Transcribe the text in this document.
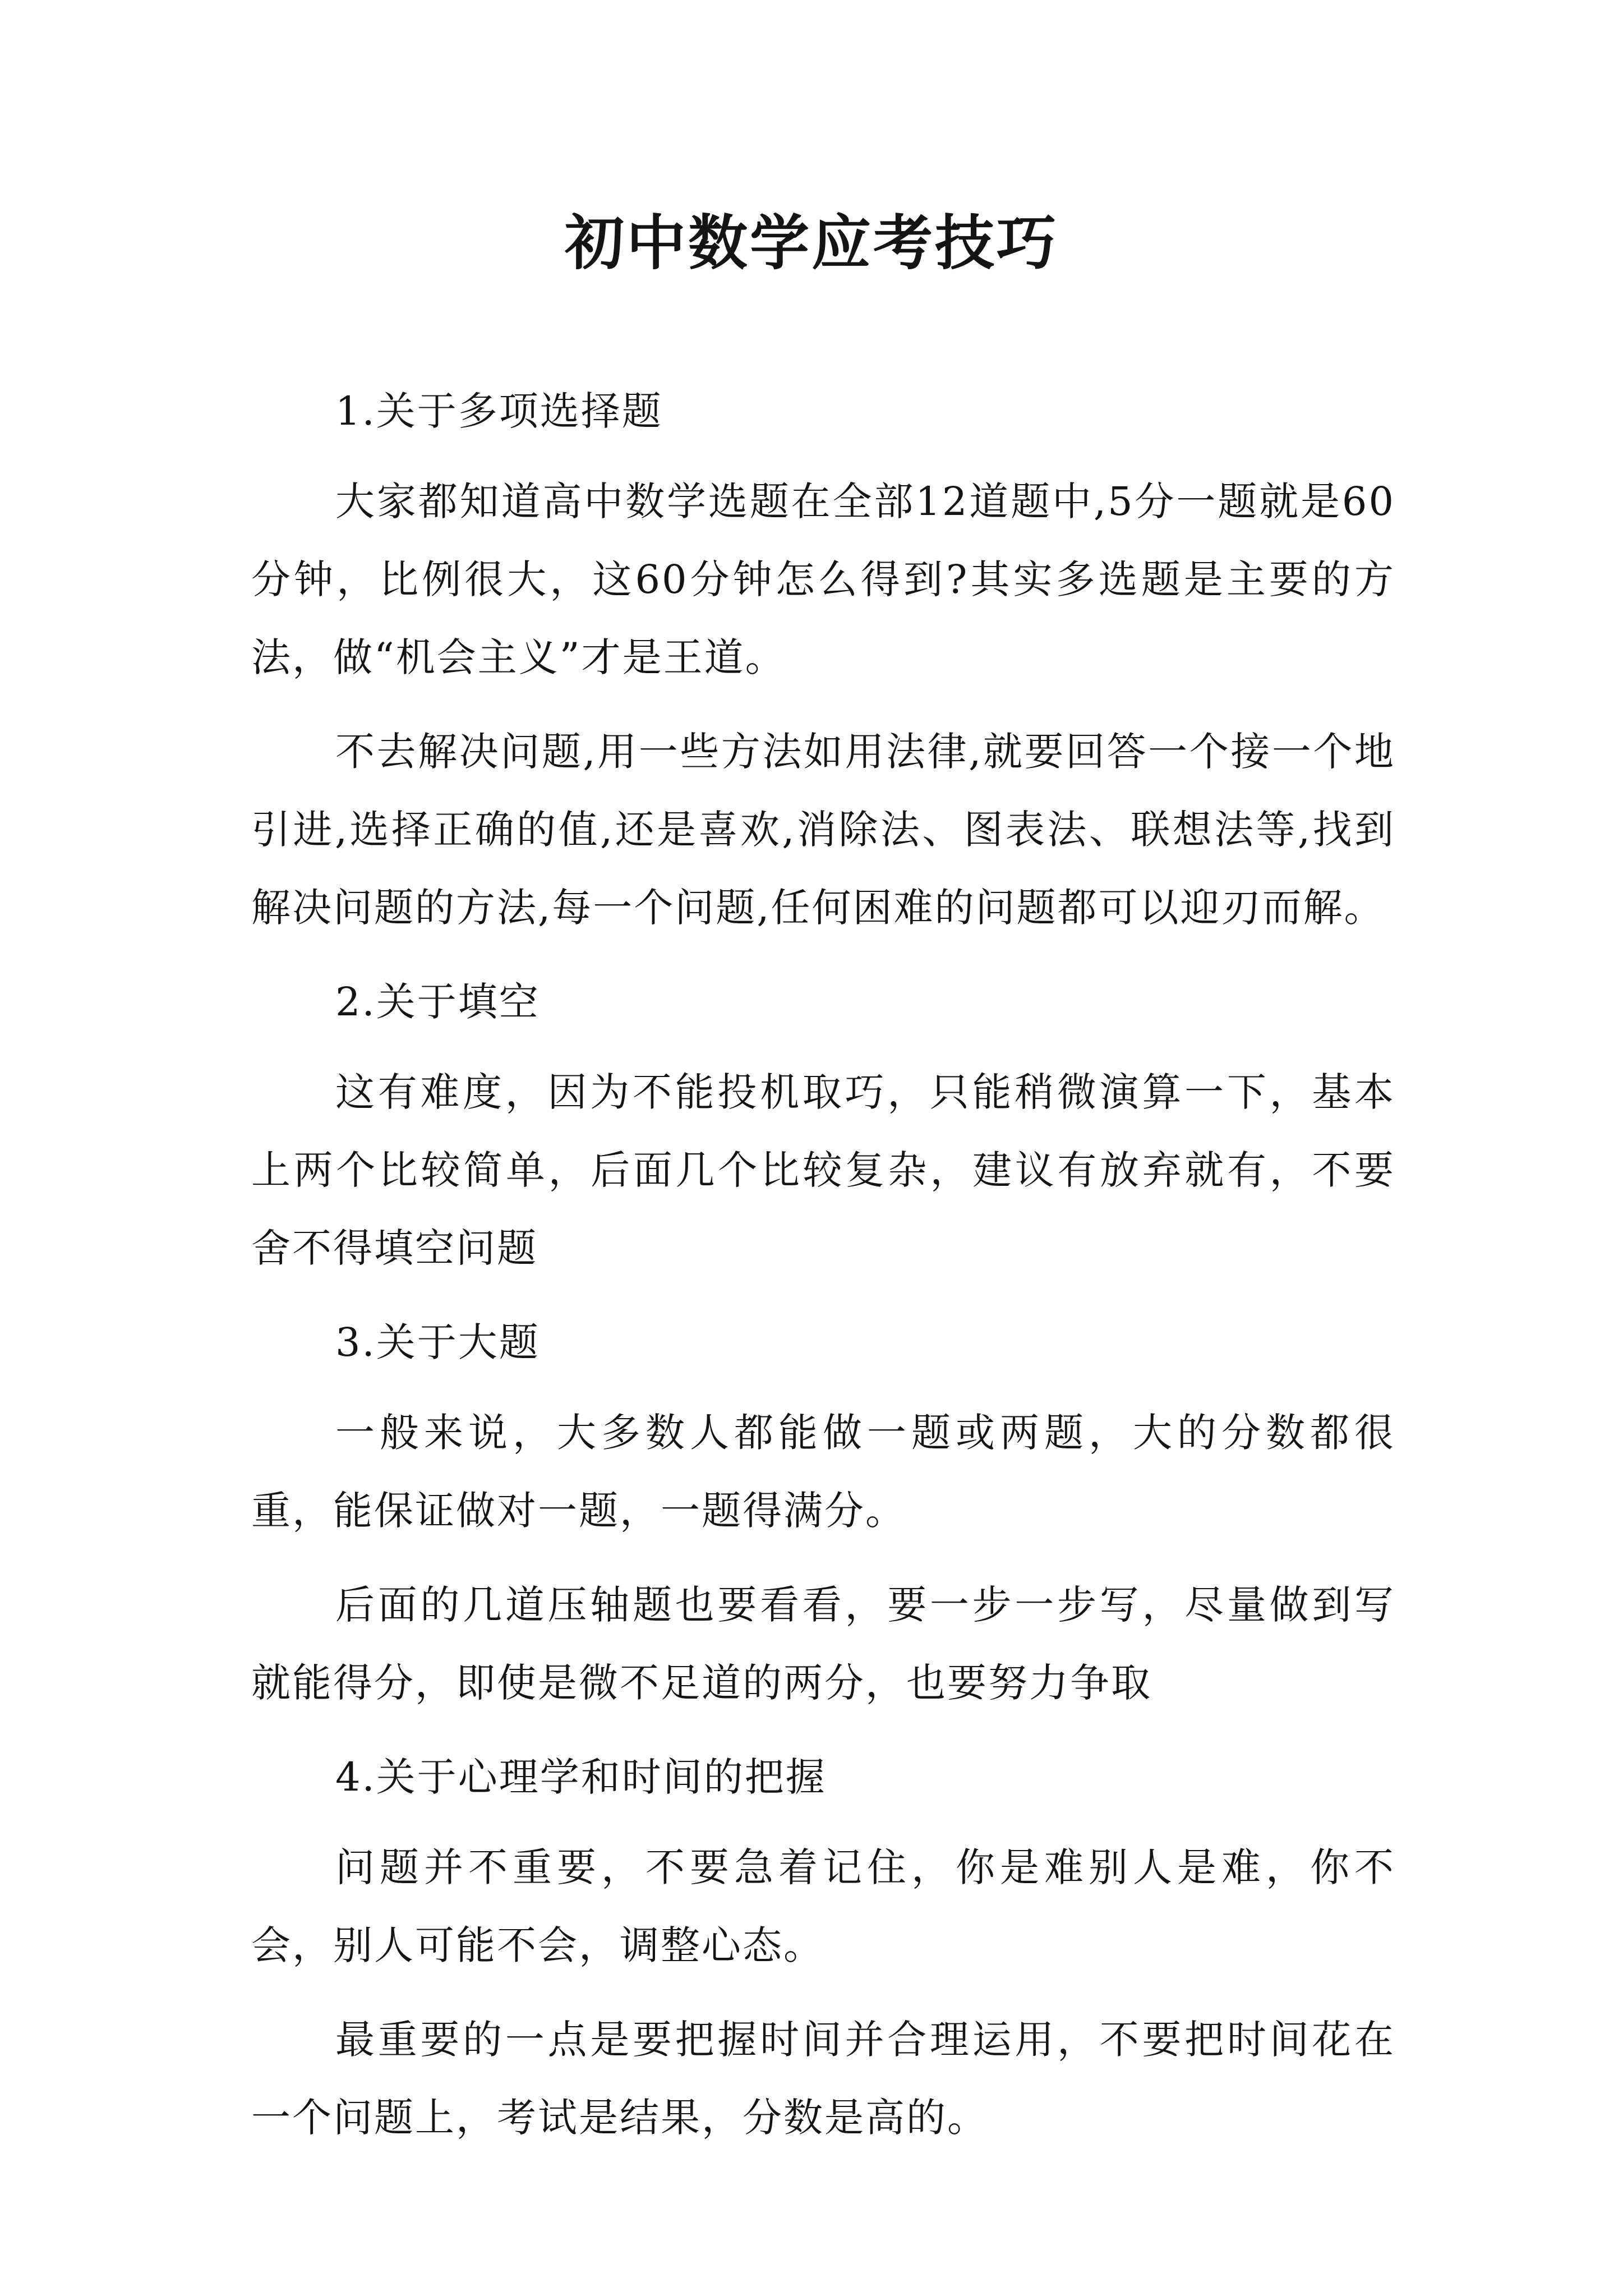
初中数学应考技巧

1.关于多项选择题

大家都知道高中数学选题在全部12道题中,5分一题就是60分钟，比例很大，这60分钟怎么得到?其实多选题是主要的方法，做“机会主义”才是王道。

不去解决问题,用一些方法如用法律,就要回答一个接一个地引进,选择正确的值,还是喜欢,消除法、图表法、联想法等,找到解决问题的方法,每一个问题,任何困难的问题都可以迎刃而解。

2.关于填空

这有难度，因为不能投机取巧，只能稍微演算一下，基本上两个比较简单，后面几个比较复杂，建议有放弃就有，不要舍不得填空问题

3.关于大题

一般来说，大多数人都能做一题或两题，大的分数都很重，能保证做对一题，一题得满分。

后面的几道压轴题也要看看，要一步一步写，尽量做到写就能得分，即使是微不足道的两分，也要努力争取

4.关于心理学和时间的把握

问题并不重要，不要急着记住，你是难别人是难，你不会，别人可能不会，调整心态。

最重要的一点是要把握时间并合理运用，不要把时间花在一个问题上，考试是结果，分数是高的。
